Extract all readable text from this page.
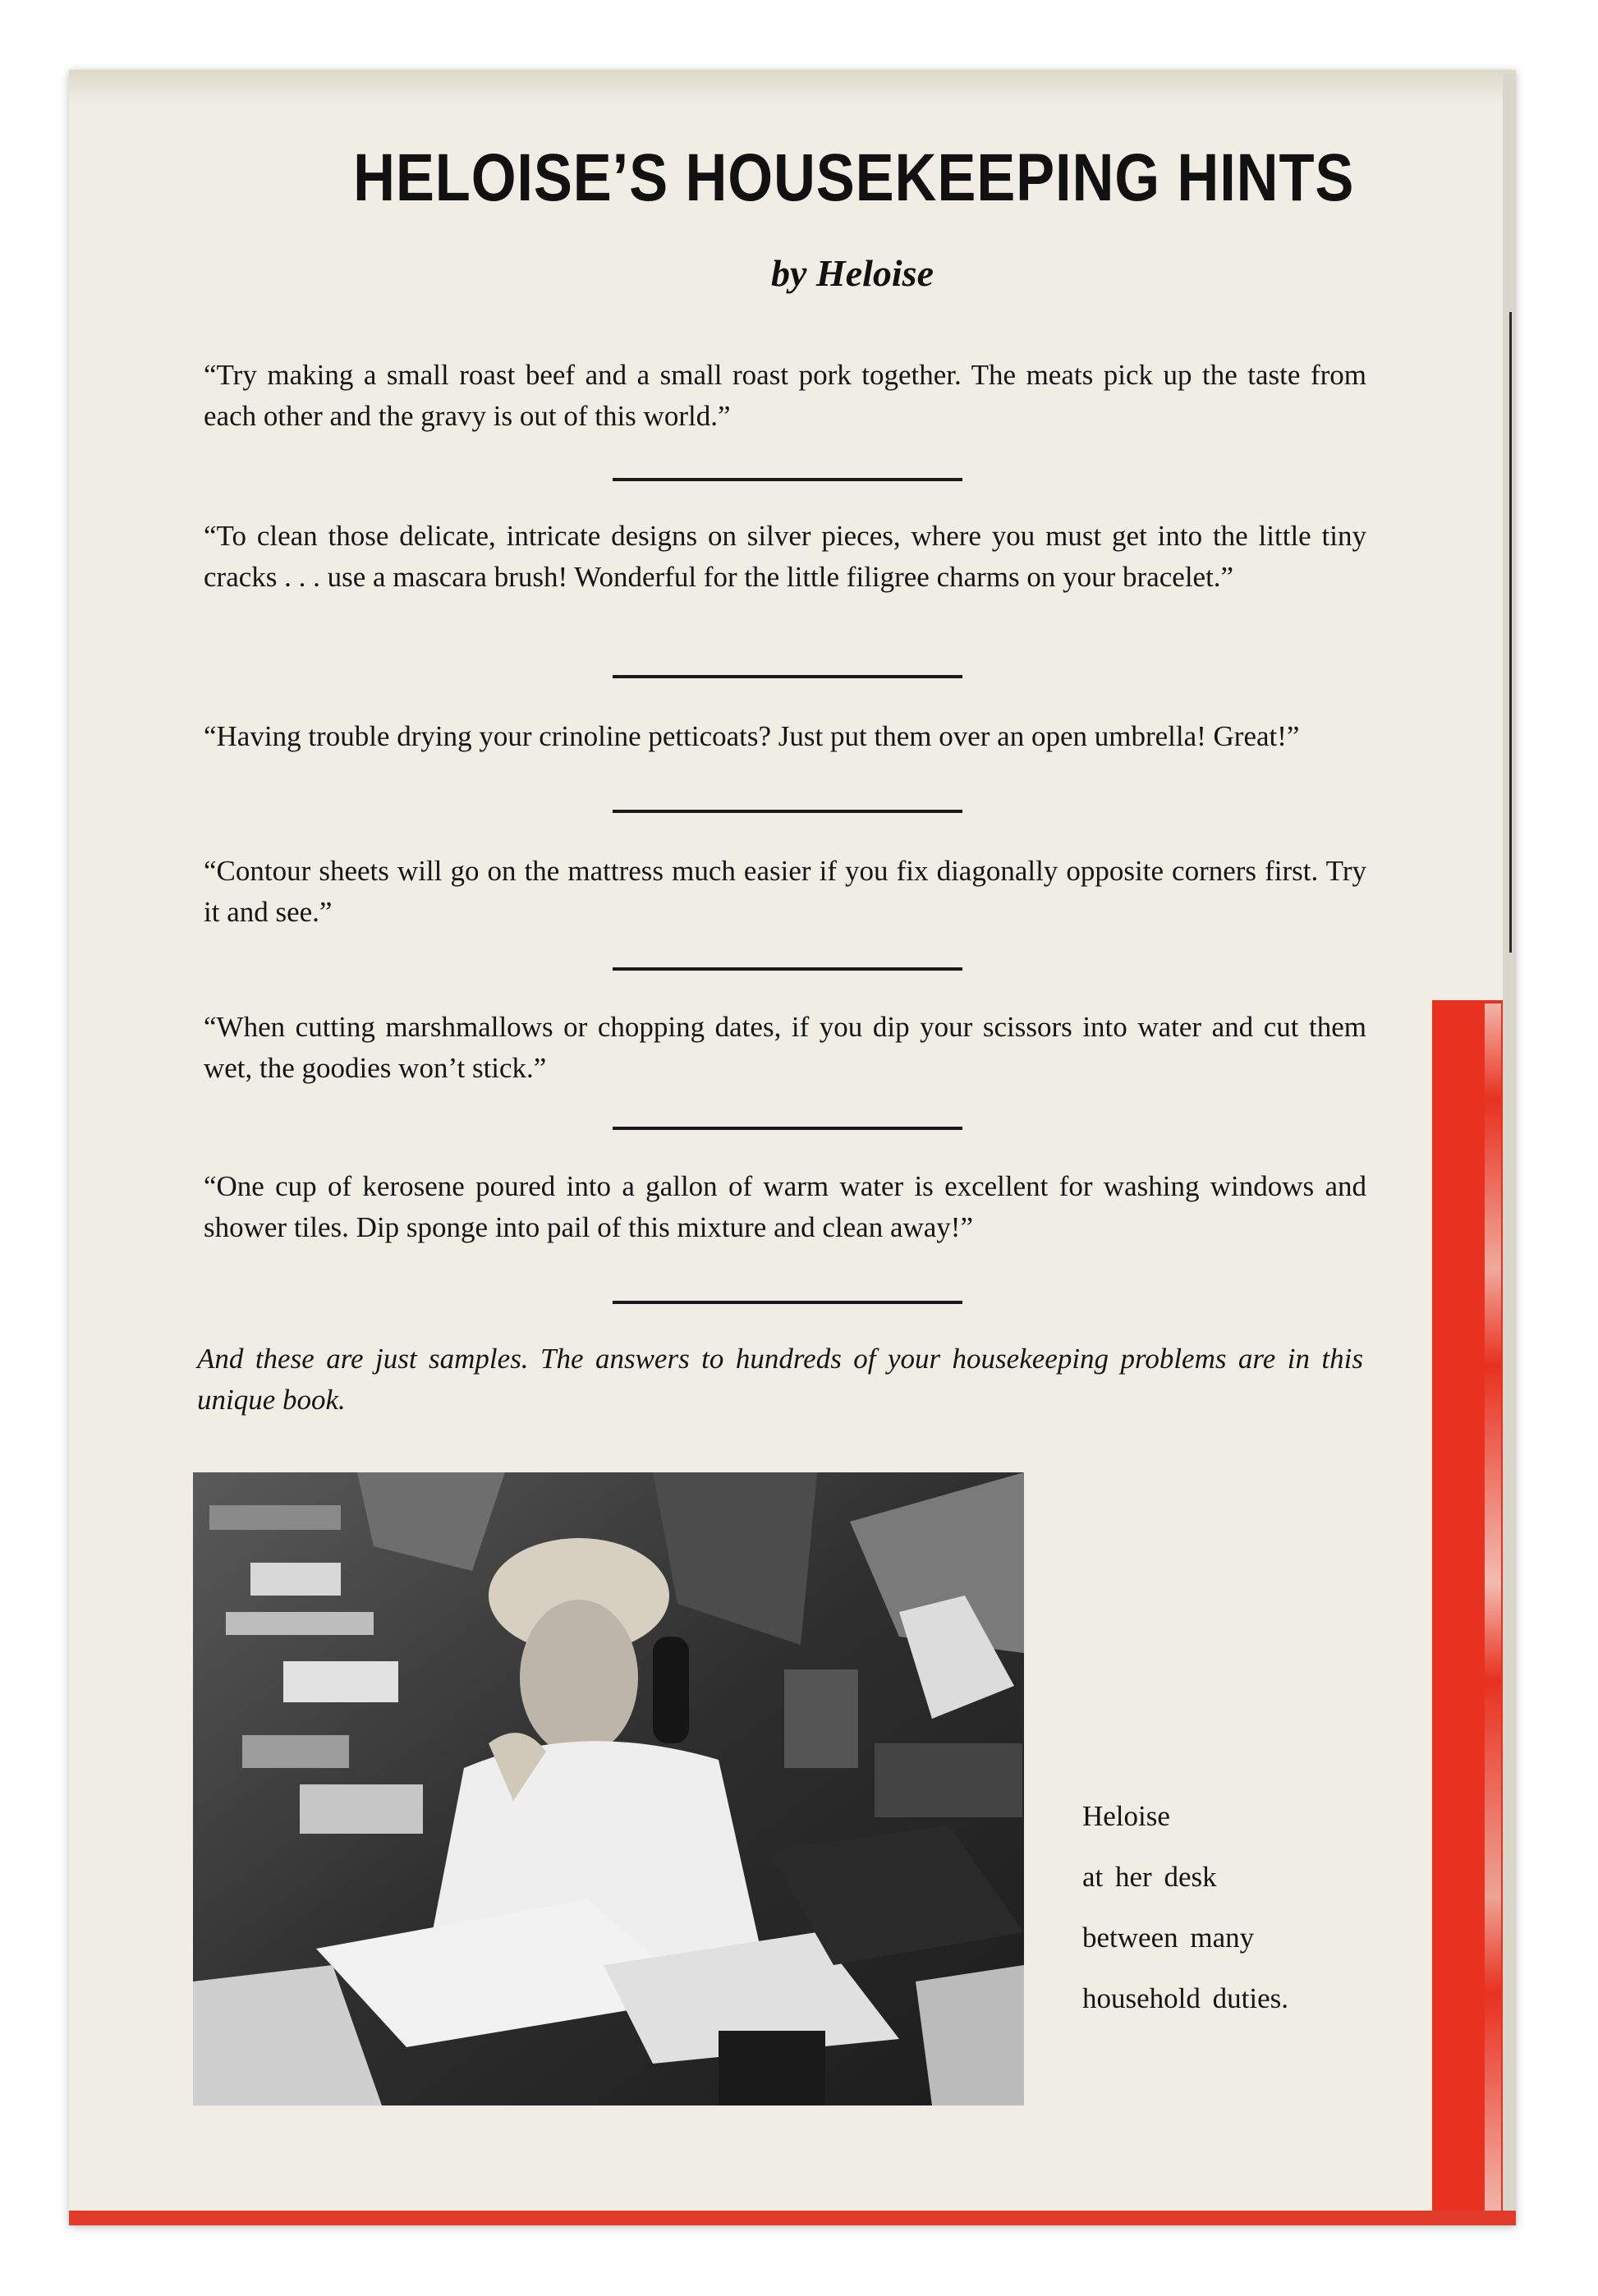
HELOISE’S HOUSEKEEPING HINTS
by Heloise

“Try making a small roast beef and a small roast pork together. The meats pick up the taste from each other and the gravy is out of this world.”

“To clean those delicate, intricate designs on silver pieces, where you must get into the little tiny cracks . . . use a mascara brush! Wonderful for the little filigree charms on your bracelet.”

“Having trouble drying your crinoline petticoats? Just put them over an open umbrella! Great!”

“Contour sheets will go on the mattress much easier if you fix diagonally opposite corners first. Try it and see.”

“When cutting marshmallows or chopping dates, if you dip your scissors into water and cut them wet, the goodies won’t stick.”

“One cup of kerosene poured into a gallon of warm water is excellent for washing windows and shower tiles. Dip sponge into pail of this mixture and clean away!”

And these are just samples. The answers to hundreds of your housekeeping problems are in this unique book.

Heloise
at her desk
between many
household duties.
